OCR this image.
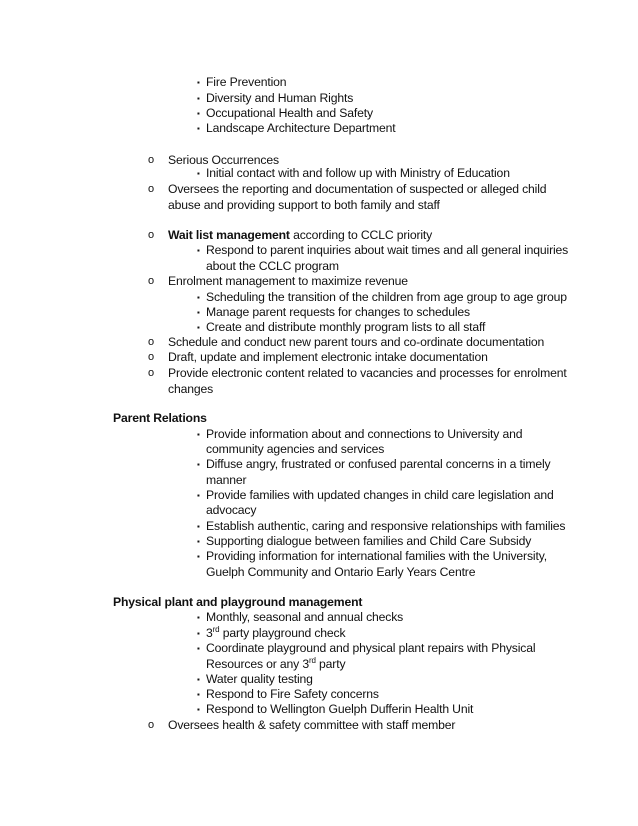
▪ Fire Prevention
▪ Diversity and Human Rights
▪ Occupational Health and Safety
▪ Landscape Architecture Department
o Serious Occurrences
▪ Initial contact with and follow up with Ministry of Education
o Oversees the reporting and documentation of suspected or alleged child
abuse and providing support to both family and staff
o Wait list management according to CCLC priority
▪ Respond to parent inquiries about wait times and all general inquiries
about the CCLC program
o Enrolment management to maximize revenue
▪ Scheduling the transition of the children from age group to age group
▪ Manage parent requests for changes to schedules
▪ Create and distribute monthly program lists to all staff
o Schedule and conduct new parent tours and co-ordinate documentation
o Draft, update and implement electronic intake documentation
o Provide electronic content related to vacancies and processes for enrolment
changes
Parent Relations
▪ Provide information about and connections to University and
community agencies and services
▪ Diffuse angry, frustrated or confused parental concerns in a timely
manner
▪ Provide families with updated changes in child care legislation and
advocacy
▪ Establish authentic, caring and responsive relationships with families
▪ Supporting dialogue between families and Child Care Subsidy
▪ Providing information for international families with the University,
Guelph Community and Ontario Early Years Centre
Physical plant and playground management
▪ Monthly, seasonal and annual checks
▪ 3rd party playground check
▪ Coordinate playground and physical plant repairs with Physical
Resources or any 3rd party
▪ Water quality testing
▪ Respond to Fire Safety concerns
▪ Respond to Wellington Guelph Dufferin Health Unit
o Oversees health & safety committee with staff member
